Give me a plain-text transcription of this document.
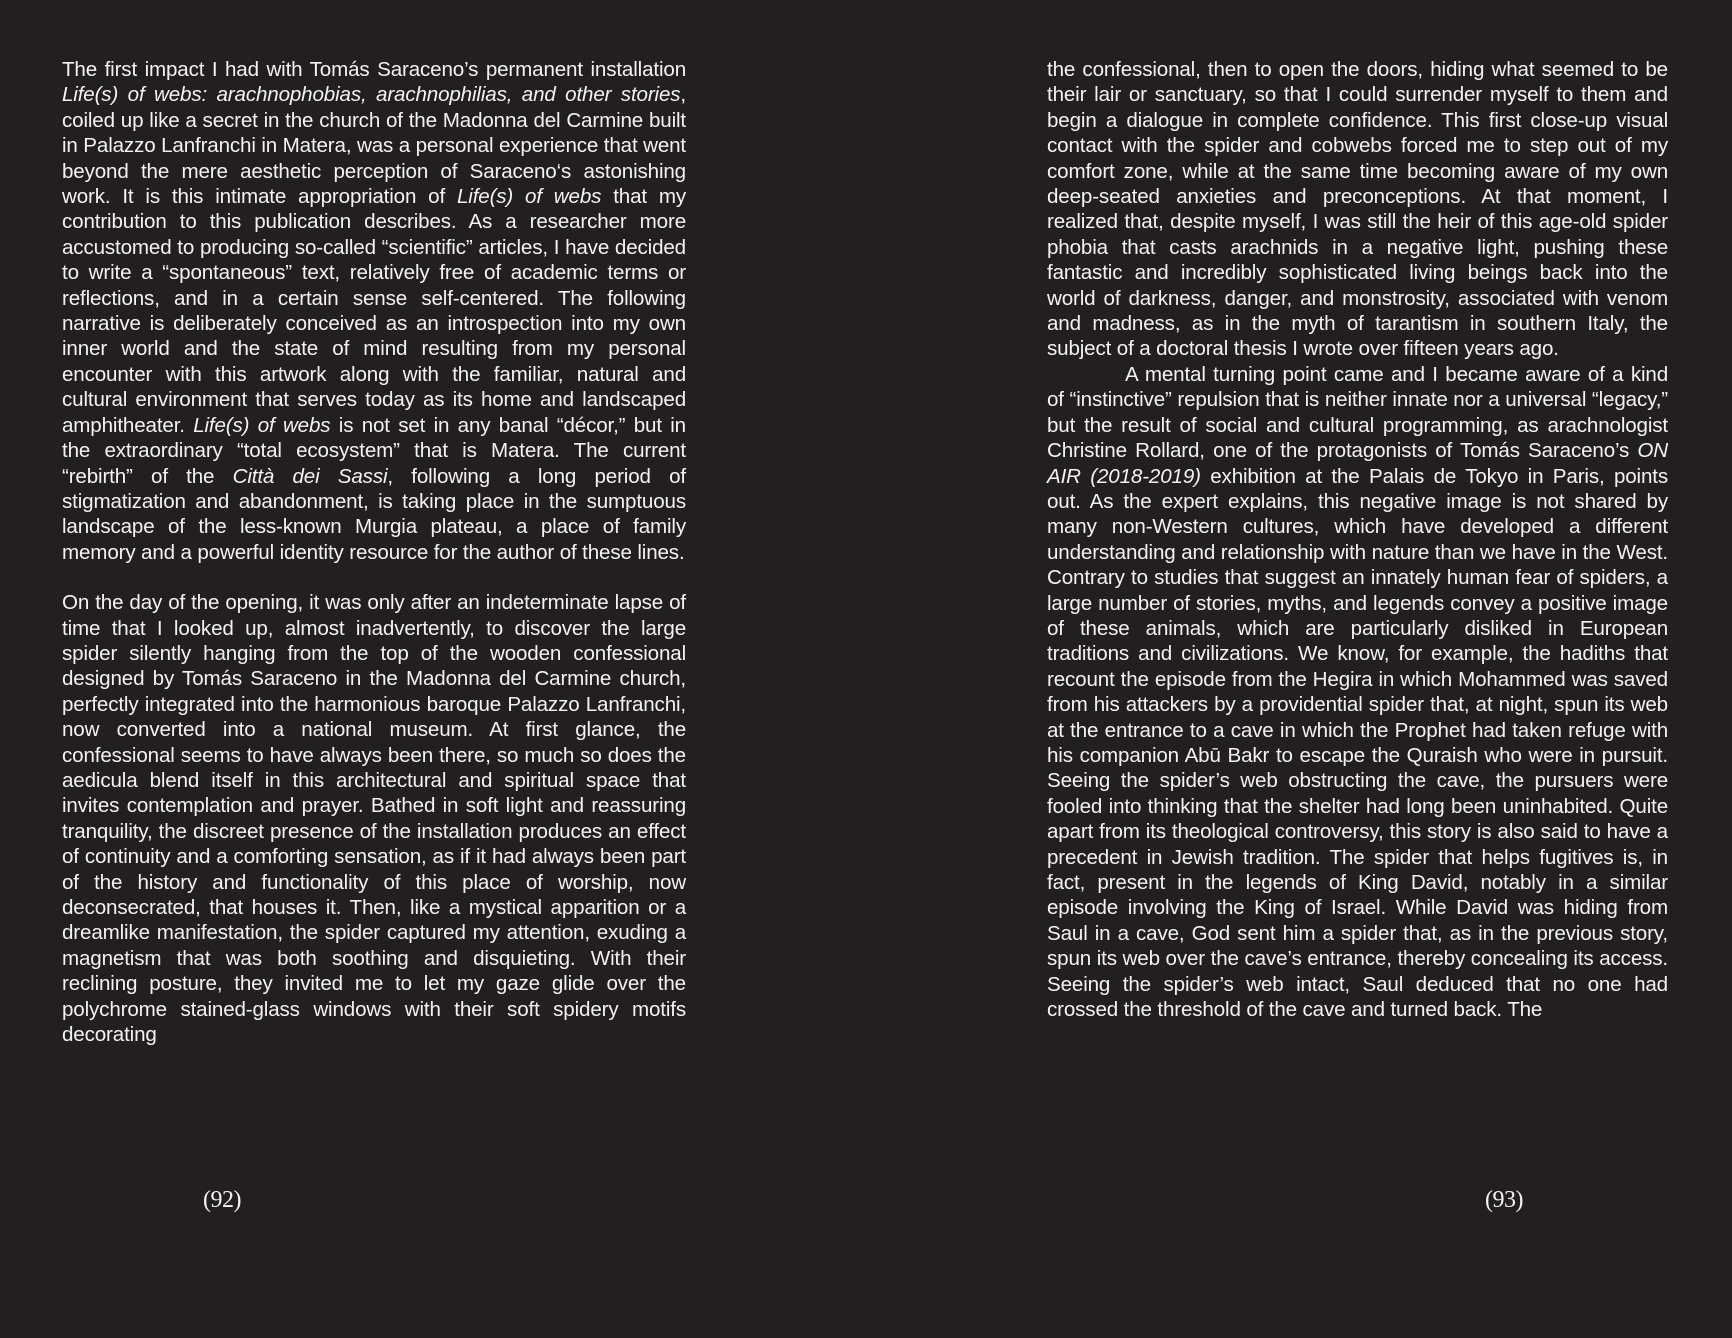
The first impact I had with Tomás Saraceno’s permanent installation Life(s) of webs: arachnophobias, arachnophilias, and other stories, coiled up like a secret in the church of the Madonna del Carmine built in Palazzo Lanfranchi in Matera, was a personal experience that went beyond the mere aesthetic perception of Saraceno‘s astonishing work. It is this intimate appropriation of Life(s) of webs that my contribution to this publication describes. As a researcher more accustomed to producing so-called “scientific” articles, I have decided to write a “spontaneous” text, relatively free of academic terms or reflections, and in a certain sense self-centered. The following narrative is deliberately conceived as an introspection into my own inner world and the state of mind resulting from my personal encounter with this artwork along with the familiar, natural and cultural environment that serves today as its home and landscaped amphitheater. Life(s) of webs is not set in any banal “décor,” but in the extraordinary “total ecosystem” that is Matera. The current “rebirth” of the Città dei Sassi, following a long period of stigmatization and abandonment, is taking place in the sumptuous landscape of the less-known Murgia plateau, a place of family memory and a powerful identity resource for the author of these lines.

On the day of the opening, it was only after an indeterminate lapse of time that I looked up, almost inadvertently, to discover the large spider silently hanging from the top of the wooden confessional designed by Tomás Saraceno in the Madonna del Carmine church, perfectly integrated into the harmonious baroque Palazzo Lanfranchi, now converted into a national museum. At first glance, the confessional seems to have always been there, so much so does the aedicula blend itself in this architectural and spiritual space that invites contemplation and prayer. Bathed in soft light and reassuring tranquility, the discreet presence of the installation produces an effect of continuity and a comforting sensation, as if it had always been part of the history and functionality of this place of worship, now deconsecrated, that houses it. Then, like a mystical apparition or a dreamlike manifestation, the spider captured my attention, exuding a magnetism that was both soothing and disquieting. With their reclining posture, they invited me to let my gaze glide over the polychrome stained-glass windows with their soft spidery motifs decorating

(92)

the confessional, then to open the doors, hiding what seemed to be their lair or sanctuary, so that I could surrender myself to them and begin a dialogue in complete confidence. This first close-up visual contact with the spider and cobwebs forced me to step out of my comfort zone, while at the same time becoming aware of my own deep-seated anxieties and preconceptions. At that moment, I realized that, despite myself, I was still the heir of this age-old spider phobia that casts arachnids in a negative light, pushing these fantastic and incredibly sophisticated living beings back into the world of darkness, danger, and monstrosity, associated with venom and madness, as in the myth of tarantism in southern Italy, the subject of a doctoral thesis I wrote over fifteen years ago.

A mental turning point came and I became aware of a kind of “instinctive” repulsion that is neither innate nor a universal “legacy,” but the result of social and cultural programming, as arachnologist Christine Rollard, one of the protagonists of Tomás Saraceno’s ON AIR (2018-2019) exhibition at the Palais de Tokyo in Paris, points out. As the expert explains, this negative image is not shared by many non-Western cultures, which have developed a different understanding and relationship with nature than we have in the West. Contrary to studies that suggest an innately human fear of spiders, a large number of stories, myths, and legends convey a positive image of these animals, which are particularly disliked in European traditions and civilizations. We know, for example, the hadiths that recount the episode from the Hegira in which Mohammed was saved from his attackers by a providential spider that, at night, spun its web at the entrance to a cave in which the Prophet had taken refuge with his companion Abū Bakr to escape the Quraish who were in pursuit. Seeing the spider’s web obstructing the cave, the pursuers were fooled into thinking that the shelter had long been uninhabited. Quite apart from its theological controversy, this story is also said to have a precedent in Jewish tradition. The spider that helps fugitives is, in fact, present in the legends of King David, notably in a similar episode involving the King of Israel. While David was hiding from Saul in a cave, God sent him a spider that, as in the previous story, spun its web over the cave’s entrance, thereby concealing its access. Seeing the spider’s web intact, Saul deduced that no one had crossed the threshold of the cave and turned back. The

(93)
